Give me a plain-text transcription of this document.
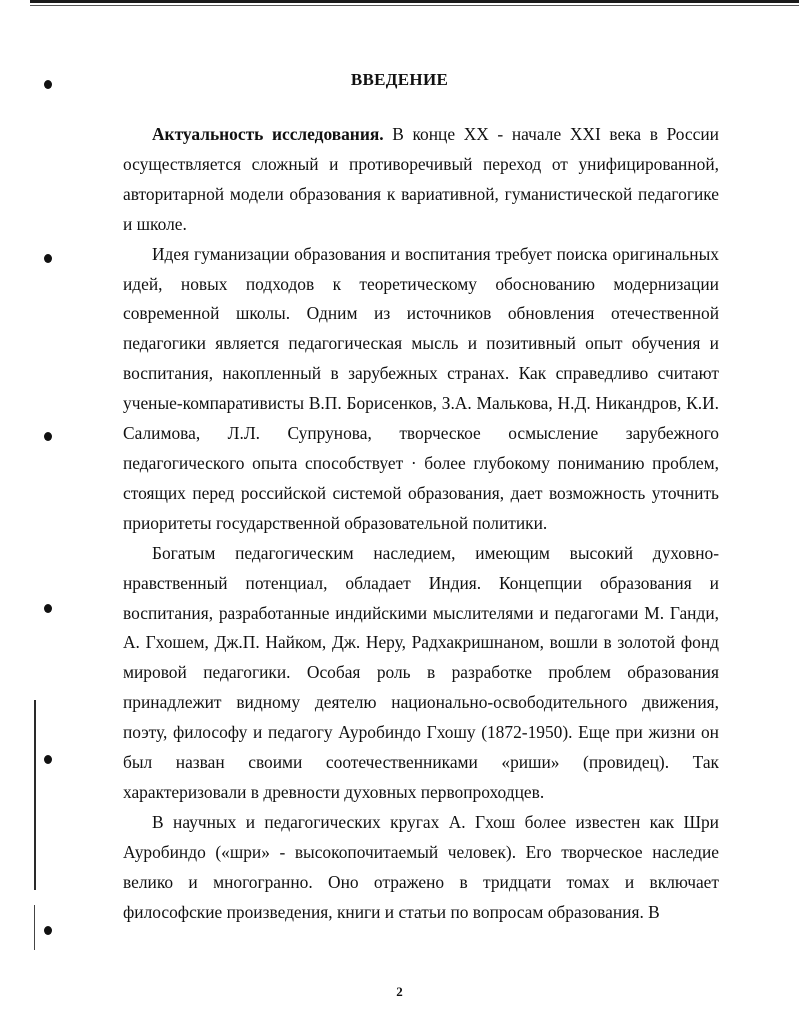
ВВЕДЕНИЕ

Актуальность исследования. В конце XX - начале XXI века в России осуществляется сложный и противоречивый переход от унифицированной, авторитарной модели образования к вариативной, гуманистической педагогике и школе.

Идея гуманизации образования и воспитания требует поиска оригинальных идей, новых подходов к теоретическому обоснованию модернизации современной школы. Одним из источников обновления отечественной педагогики является педагогическая мысль и позитивный опыт обучения и воспитания, накопленный в зарубежных странах. Как справедливо считают ученые-компаративисты В.П. Борисенков, З.А. Малькова, Н.Д. Никандров, К.И. Салимова, Л.Л. Супрунова, творческое осмысление зарубежного педагогического опыта способствует · более глубокому пониманию проблем, стоящих перед российской системой образования, дает возможность уточнить приоритеты государственной образовательной политики.

Богатым педагогическим наследием, имеющим высокий духовно-нравственный потенциал, обладает Индия. Концепции образования и воспитания, разработанные индийскими мыслителями и педагогами М. Ганди, А. Гхошем, Дж.П. Найком, Дж. Неру, Радхакришнаном, вошли в золотой фонд мировой педагогики. Особая роль в разработке проблем образования принадлежит видному деятелю национально-освободительного движения, поэту, философу и педагогу Ауробиндо Гхошу (1872-1950). Еще при жизни он был назван своими соотечественниками «риши» (провидец). Так характеризовали в древности духовных первопроходцев.

В научных и педагогических кругах А. Гхош более известен как Шри Ауробиндо («шри» - высокопочитаемый человек). Его творческое наследие велико и многогранно. Оно отражено в тридцати томах и включает философские произведения, книги и статьи по вопросам образования. В

2
